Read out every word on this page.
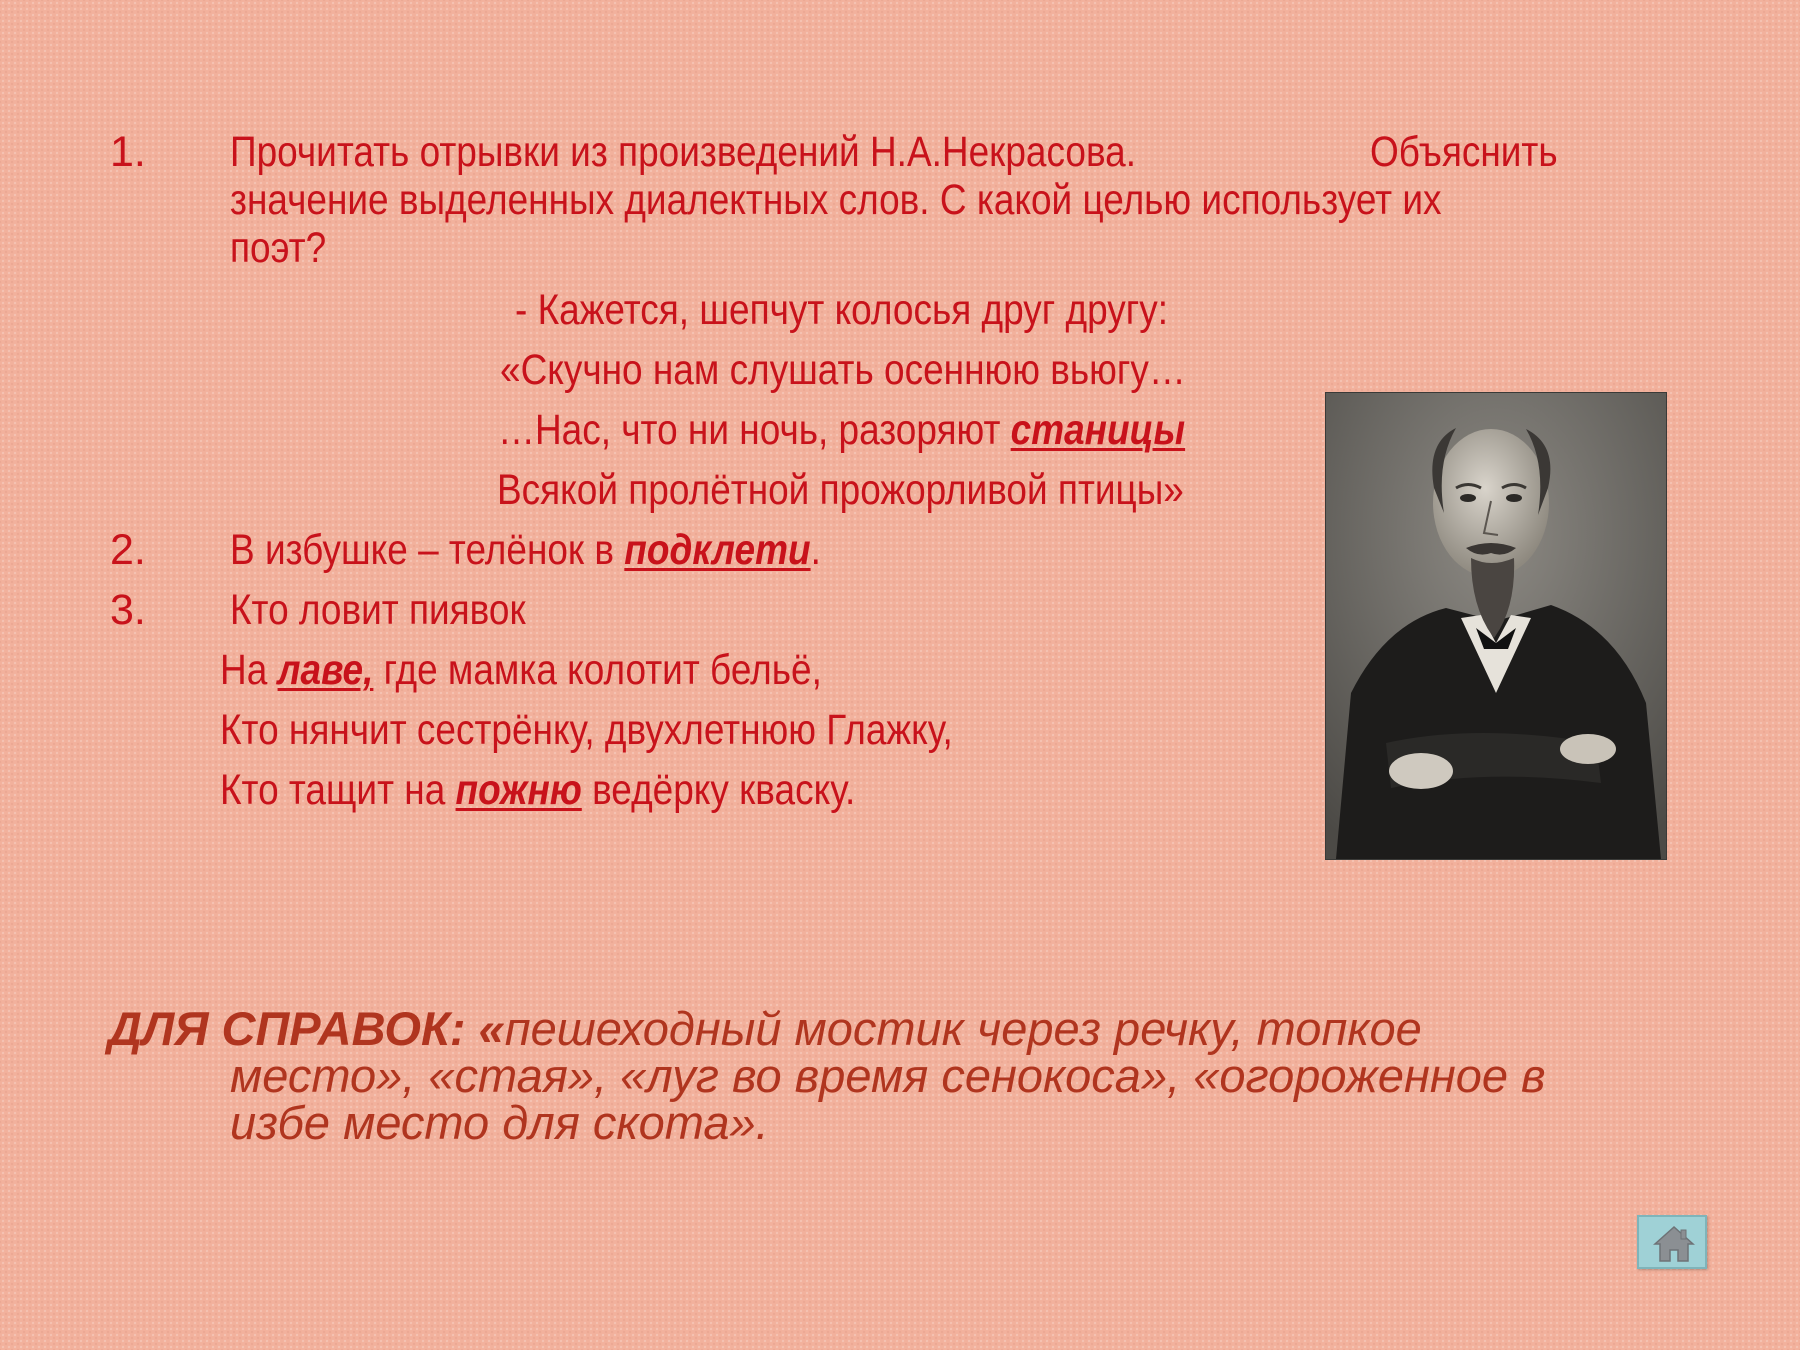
1. Прочитать отрывки из произведений Н.А.Некрасова.	Объяснить
значение выделенных диалектных слов. С какой целью использует их
поэт?
- Кажется, шепчут колосья друг другу:
«Скучно нам слушать осеннюю вьюгу…
…Нас, что ни ночь, разоряют станицы
Всякой пролётной прожорливой птицы»
2. В избушке – телёнок в подклети.
3. Кто ловит пиявок
На лаве, где мамка колотит бельё,
Кто нянчит сестрёнку, двухлетнюю Глажку,
Кто тащит на пожню ведёрку кваску.
ДЛЯ СПРАВОК: «пешеходный мостик через речку, топкое
место», «стая», «луг во время сенокоса», «огороженное в
избе место для скота».
